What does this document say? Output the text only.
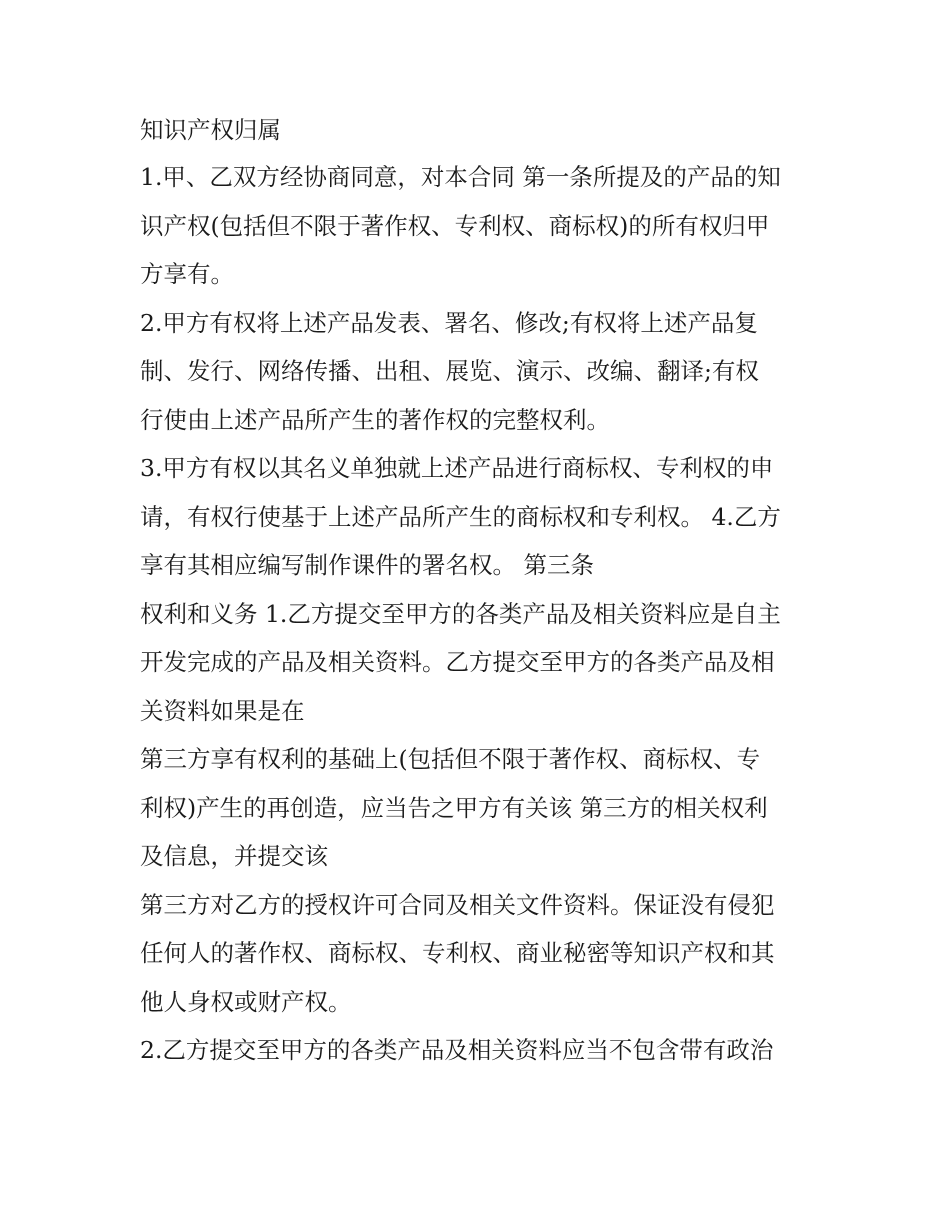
知识产权归属
1.甲、乙双方经协商同意，对本合同 第一条所提及的产品的知
识产权(包括但不限于著作权、专利权、商标权)的所有权归甲
方享有。
2.甲方有权将上述产品发表、署名、修改;有权将上述产品复
制、发行、网络传播、出租、展览、演示、改编、翻译;有权
行使由上述产品所产生的著作权的完整权利。
3.甲方有权以其名义单独就上述产品进行商标权、专利权的申
请，有权行使基于上述产品所产生的商标权和专利权。 4.乙方
享有其相应编写制作课件的署名权。 第三条
权利和义务 1.乙方提交至甲方的各类产品及相关资料应是自主
开发完成的产品及相关资料。乙方提交至甲方的各类产品及相
关资料如果是在
第三方享有权利的基础上(包括但不限于著作权、商标权、专
利权)产生的再创造，应当告之甲方有关该 第三方的相关权利
及信息，并提交该
第三方对乙方的授权许可合同及相关文件资料。保证没有侵犯
任何人的著作权、商标权、专利权、商业秘密等知识产权和其
他人身权或财产权。
2.乙方提交至甲方的各类产品及相关资料应当不包含带有政治
